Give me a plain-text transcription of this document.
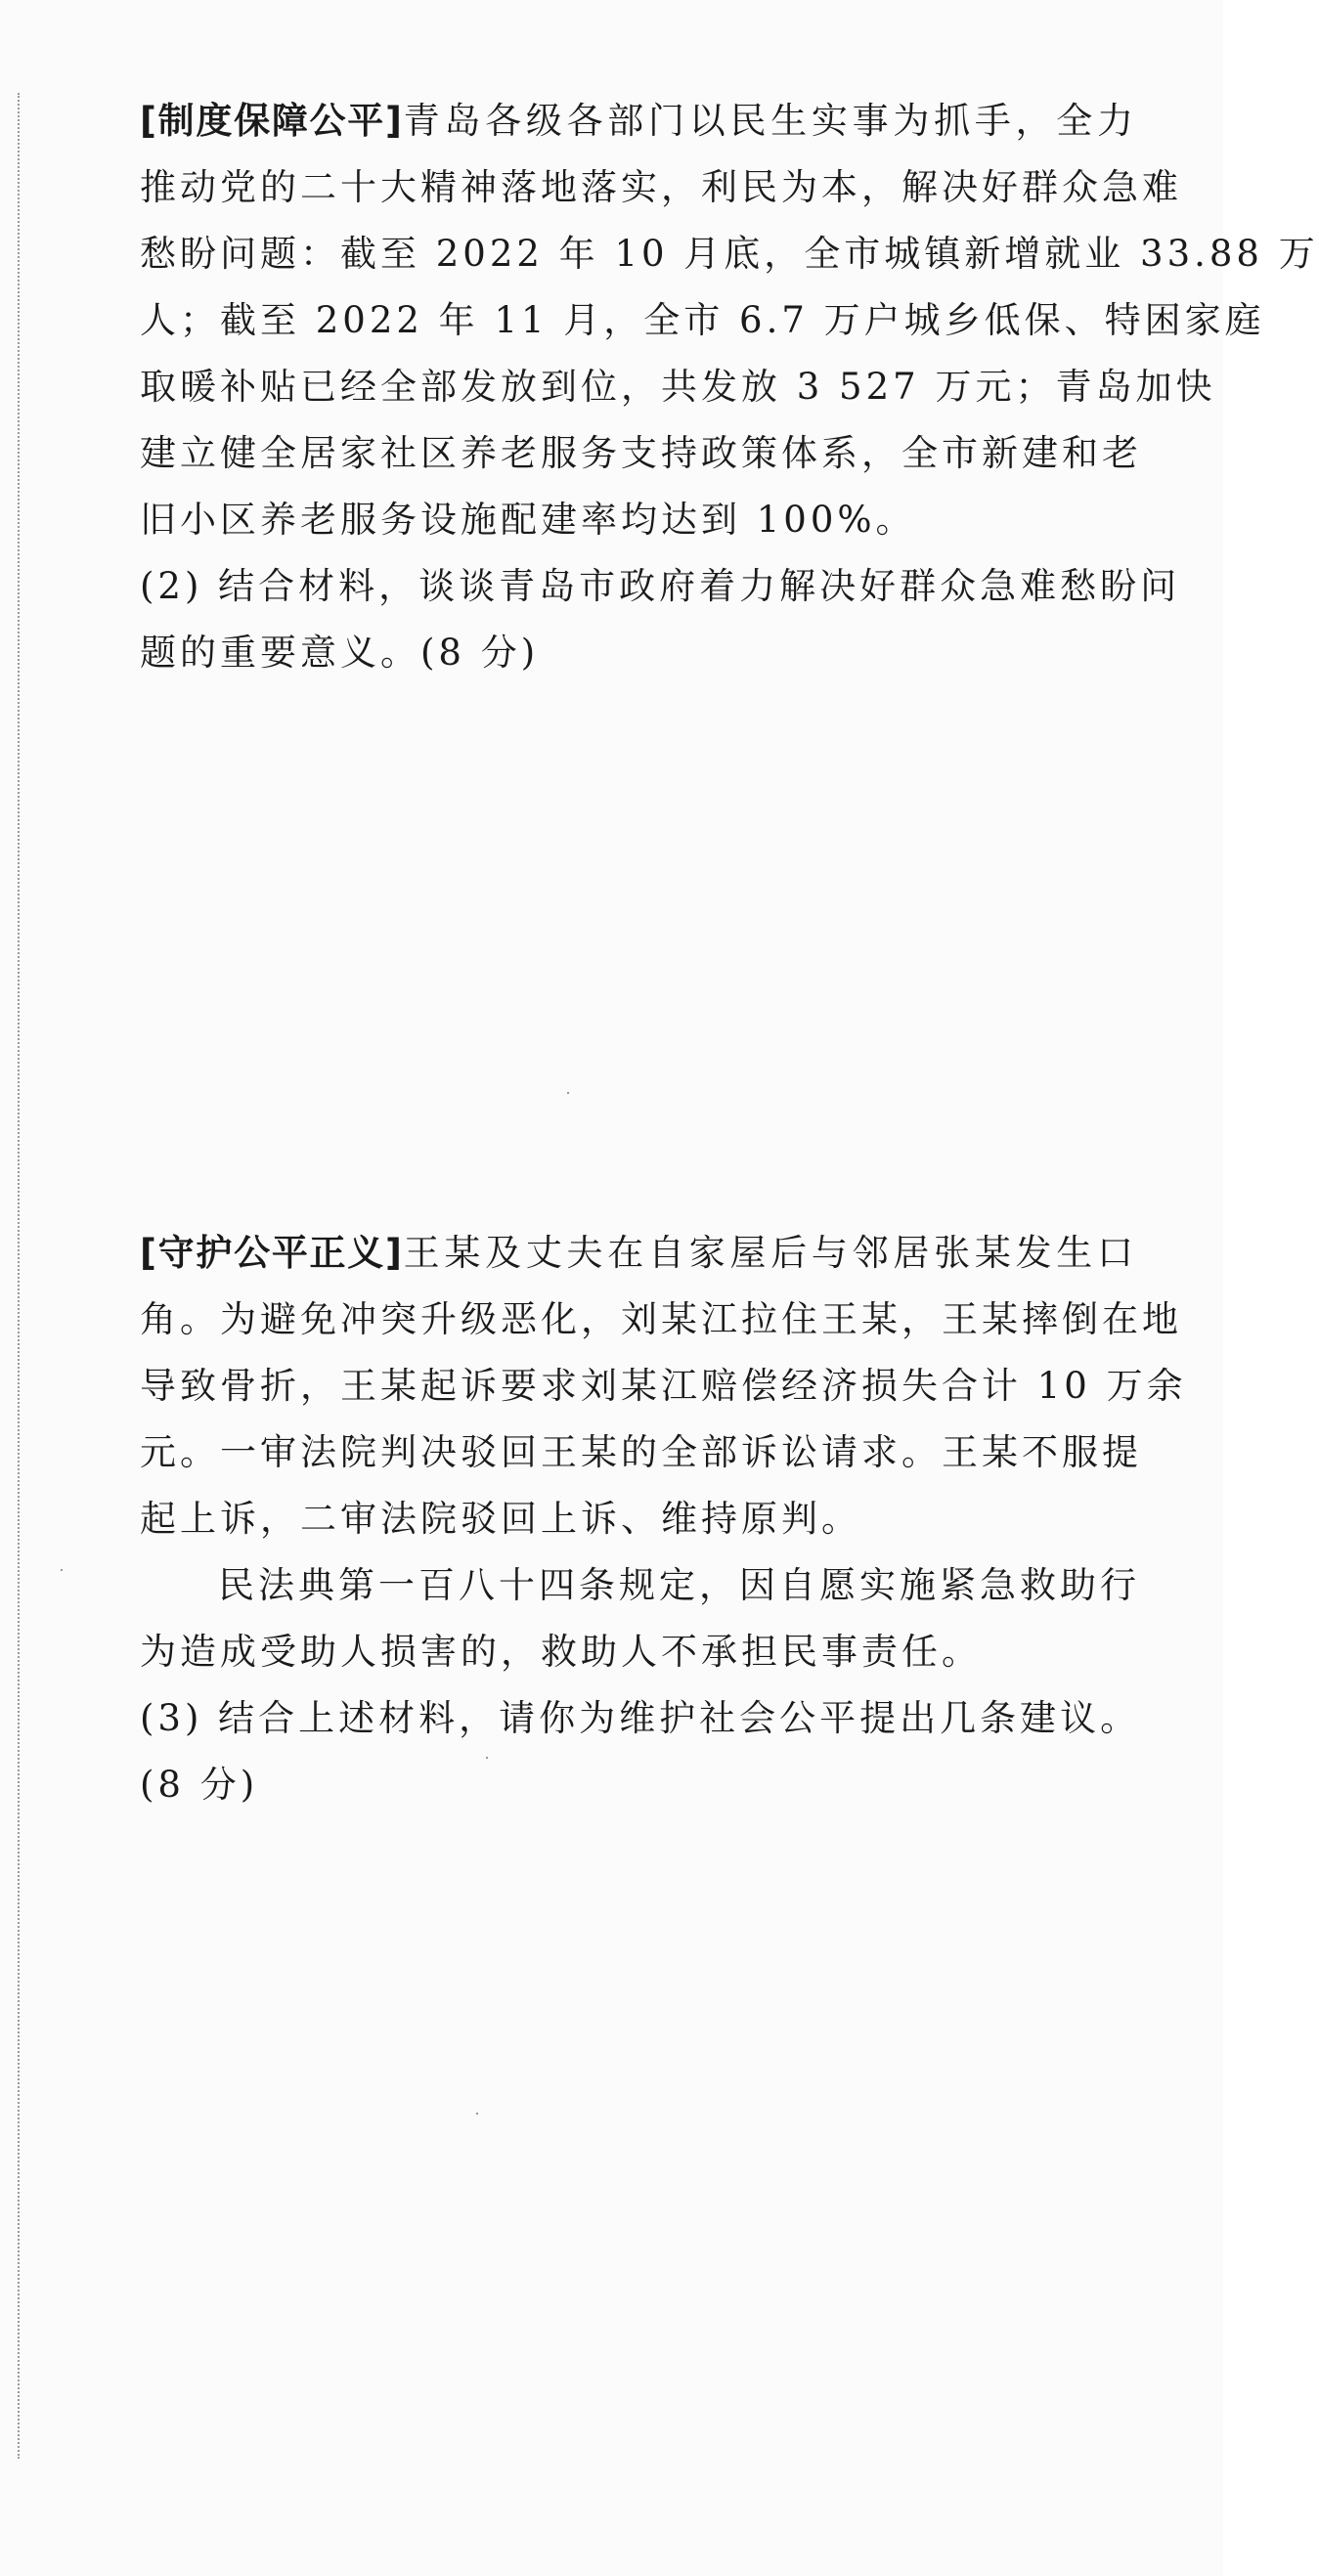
[制度保障公平]青岛各级各部门以民生实事为抓手，全力
推动党的二十大精神落地落实，利民为本，解决好群众急难
愁盼问题：截至 2022 年 10 月底，全市城镇新增就业 33.88 万
人；截至 2022 年 11 月，全市 6.7 万户城乡低保、特困家庭
取暖补贴已经全部发放到位，共发放 3 527 万元；青岛加快
建立健全居家社区养老服务支持政策体系，全市新建和老
旧小区养老服务设施配建率均达到 100%。
(2) 结合材料，谈谈青岛市政府着力解决好群众急难愁盼问
题的重要意义。(8 分)
[守护公平正义]王某及丈夫在自家屋后与邻居张某发生口
角。为避免冲突升级恶化，刘某江拉住王某，王某摔倒在地
导致骨折，王某起诉要求刘某江赔偿经济损失合计 10 万余
元。一审法院判决驳回王某的全部诉讼请求。王某不服提
起上诉，二审法院驳回上诉、维持原判。
民法典第一百八十四条规定，因自愿实施紧急救助行
为造成受助人损害的，救助人不承担民事责任。
(3) 结合上述材料，请你为维护社会公平提出几条建议。
(8 分)
